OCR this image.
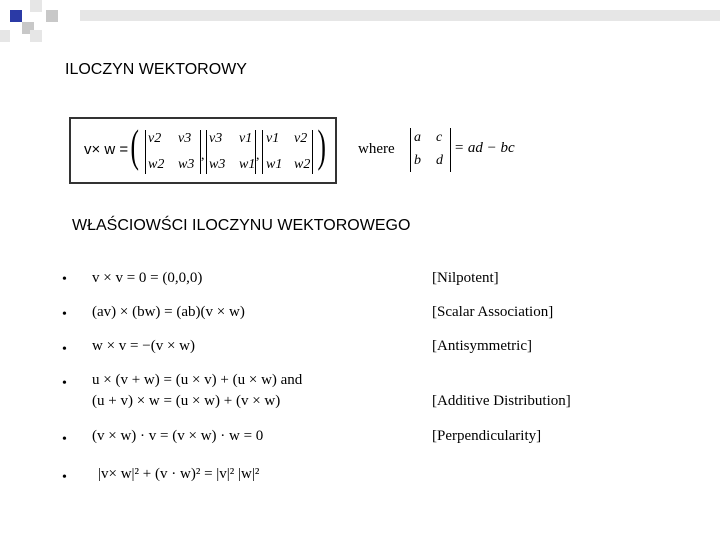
ILOCZYN WEKTOROWY
v× w = (	)
v2 v3
w2 w3
,
v3 v1
w3 w1
,
v1 v2
w1 w2
where
a c
b d
= ad − bc
WŁAŚCIOWŚCI ILOCZYNU WEKTOROWEGO
• v × v = 0 = (0,0,0)	[Nilpotent]
• (av) × (bw) = (ab)(v × w)	[Scalar Association]
• w × v = −(v × w)	[Antisymmetric]
• u × (v + w) = (u × v) + (u × w) and
(u + v) × w = (u × w) + (v × w)	[Additive Distribution]
• (v × w) · v = (v × w) · w = 0	[Perpendicularity]
• |v× w|² + (v · w)² = |v|² |w|²
